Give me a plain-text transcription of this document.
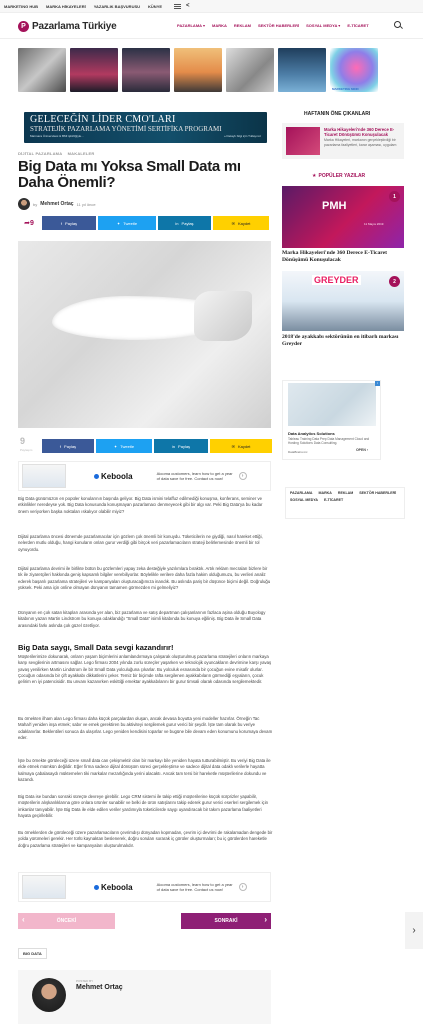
MARKETING HUB MARKA HİKAYELERİ YAZARLIK BAŞVURUSU KÜNYE	<
P Pazarlama Türkiye	PAZARLAMA ▾ MARKA REKLAM SEKTÖR HABERLERİ SOSYAL MEDYA ▾ E-TİCARET
MARKETING MIND
GELECEĞİN LİDER CMO'LARI
STRATEJİK PAZARLAMA YÖNETİMİ SERTİFİKA PROGRAMI
Marmara Üniversitesi & BMI işbirliğiyle...	» Detaylı bilgi için Tıklayınız
DİJİTAL PAZARLAMA MAKALELER
Big Data mı Yoksa Small Data mı Daha Önemli?
by Mehmet Ortaç 11 yıl önce
➦ 9	f Paylaş	✦ Tweetle	in Paylaş	✉ Kaydet
9
Paylaşım
f Paylaş	✦ Tweetle	in Paylaş	✉ Kaydet
Keboola	Aiooma customers, learn how to get a year of data save for free. Contact us now!	›

Big Data günümüzün en popüler konularının başında geliyor. Big Data ismini telaffuz edilmediği konuşma, konferans, seminer ve etkinlikler neredeyse yok. Big Data konusunda konuşmayan pazarlamacı denmeyecek gibi bir algı var. Peki Big Data'ya bu kadar önem veriyorken başka noktaları ıskalıyor olabilir miyiz?

Dijital pazarlama öncesi dönemde pazarlamacılar için gözlem çok önemli bir konuydu. Tüketicilerin ne giydiği, nasıl hareket ettiği, nelerden mutlu olduğu, hangi konuların onları gurur verdiği gibi birçok veri pazarlamacıların strateji belirlemesinde önemli bir rol oynuyordu.

Dijital pazarlama devrimi ile birlikte bütün bu gözlemleri yapay zeka desteğiyle yazılımlara bıraktık. Artık reklam mecraları bizlere bir tık ile ziyaretçileri hakkında geniş kapsamlı bilgiler verebiliyorlar. Böylelikle verilere daha fazla hakim olduğumuzu, bu verileri analiz ederek başarılı pazarlama stratejileri ve kampanyaları oluşturacağımıza inandık. Bu aslında pariş bir düşünce biçimi değil. Doğruluğu yüksek. Peki ama için online olmayan dünyanın tamamen görmezden mi gelmeliyiz?

Dünyanın en çok satan kitapları arasında yer alan, biz pazarlama ve satış departman çalışanlarının fazlaca aşina olduğu Buyology kitabının yazarı Martin Lindstrom bu konuya odaklandığı "Small Data" isimli kitabında bu konuya eğiliniş. Big Data ile Small Data arasındaki farkı aslında çok güzel özetliyor.

Big Data saygı, Small Data sevgi kazandırır!

Müşterilerimize dokunarak, onların yaşam biçimlerini anlamlandırmaya çalışarak oluşturulmuş pazarlama stratejileri onların markaya karşı sevgilerinin artmasını sağlar. Lego firması 2004 yılında zorlu süreçler yaşarken ve teknolojik oyuncakların devrimine karşı yavaş yavaş yenilirken Martin Lindstrom ile bir Small Data yolculuğuna çıkarlar. Bu yolculuk esnasında bir çocuğun evine misafir olurlar. Çocuğun odasında bir çift ayakkabı dikkatlerini çeker. Temiz bir biçimde rafta sergilenen ayakkabıların görmediği eşyaların, çocuk gelirim en iyi patencisidir. Bu unvanı kazanırken eskittiği emektar ayakkabılarını bir gurur timsali olarak odasında sergilemektedir.

Bu örnekten ilham alan Lego firması daha küçük parçalardan oluşan, ancak devasa boyutta yeni modeller hazırlar. Örneğin Tac Mahal'i yeniden inşa etmek; sabır ve emek gerektiren bu aktiviteyi sergilemek gurur verici bir şeydir. İşte tam olarak bu veriye odaklanırlar. Beklentileri sonuca da ulaşırlar. Lego yeniden kendisini toparlar ve bugüne bile devam eden konumunu korumaya devam eder.

İşte bu örnekte görüleceği üzere small data can çekişmektir olan bir markayı bile yeniden hayata tutturabilmiştir. Bu veriyi Big Data ile elde etmek mümkün değildir. Eğer firma sadece dijital dönüşüm süreci gerçekleştirse ve sadece dijital data odaklı verilerle hayatta kalmaya çabalasaydı müktemelen tiki markalar mezarlığında yerini alacaktı. Ancak tam tersi bir hareketle müşterilerine dokundu ve kazandı.

Big Data ise bundan sonraki süreçte devreye girebilir. Lego CRM sistemi ile takip ettiği müşterilerine küçük sürprizler yapabilir, müşterilerin alışkanlıklarına göre onlara ürünler sunabilir ve belki de ürün satışlarını takip ederek gurur verici eserleri sergilemek için imkanlar tanıyabilir. İşte Big Data ile elde edilen veriler yardımıyla tüketicilerde saygı uyandıracak bir takım pazarlama faaliyetleri hayata geçirilebilir.

Bu örneklerden de görüleceği üzere pazarlamacıların çevrimdışı dünyadan kopmadan, çevrim içi devrimi de rakalamadan dengede bir yolda yürümeleri gerekir. Her türlü kaynaktan beslenerek, doğru soruları sorarak iç görüler oluşturmaları; bu iç görülerden hareketle doğru pazarlama stratejileri ve kampanyaları oluşturulmalıdır.

Keboola	Aiooma customers, learn how to get a year of data save for free. Contact us now!	›
‹	ÖNCEKİ	SONRAKİ	›
BIG DATA
POSTED BY
Mehmet Ortaç
HAFTANIN ÖNE ÇIKANLARI
Marka Hikayeleri'nde 360 Derece E-Ticaret Dönüşümü Konuşulacak
Marka Hikayeleri, markanın gerçekleştirdiği bir pazarlama faaliyetleri, karar aşaması, uygulam
★ POPÜLER YAZILAR
PMH
11 Mayıs 2019
1
Marka Hikayeleri'nde 360 Derece E-Ticaret Dönüşümü Konuşulacak
GREYDER	2
2018'de ayakkabı sektörünün en itibarlı markası Greyder
i
Data Analytics Solutions
Tableau Training Data Prep Data Management Cloud and Hosting Solutions Data Consulting.
DataBrains.inc	OPEN ›
PAZARLAMA MARKA REKLAM SEKTÖR HABERLERİ
SOSYAL MEDYA E-TİCARET
›
